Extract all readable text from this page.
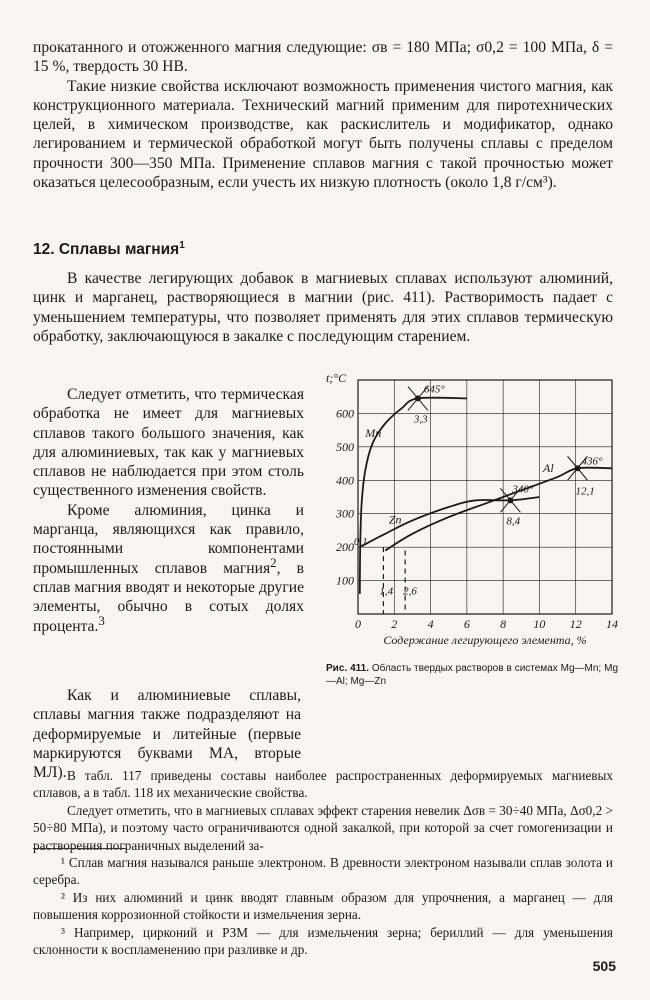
прокатанного и отожженного магния следующие: σв = 180 МПа; σ0,2 = 100 МПа, δ = 15 %, твердость 30 HB.

Такие низкие свойства исключают возможность применения чистого магния, как конструкционного материала. Технический магний применим для пиротехнических целей, в химическом производстве, как раскислитель и модификатор, однако легированием и термической обработкой могут быть получены сплавы с пределом прочности 300—350 МПа. Применение сплавов магния с такой прочностью может оказаться целесообразным, если учесть их низкую плотность (около 1,8 г/см³).

12. Сплавы магния$^1$

В качестве легирующих добавок в магниевых сплавах используют алюминий, цинк и марганец, растворяющиеся в магнии (рис. 411). Растворимость падает с уменьшением температуры, что позволяет применять для этих сплавов термическую обработку, заключающуюся в закалке с последующим старением.

Следует отметить, что термическая обработка не имеет для магниевых сплавов такого большого значения, как для алюминиевых, так как у магниевых сплавов не наблюдается при этом столь существенного изменения свойств.

Кроме алюминия, цинка и марганца, являющихся как правило, постоянными компонентами промышленных сплавов магния$^2$, в сплав магния вводят и некоторые другие элементы, обычно в сотых долях процента.$^3$

Как и алюминиевые сплавы, сплавы магния также подразделяют на деформируемые и литейные (первые маркируются буквами МА, вторые МЛ). В табл. 117 приведены составы наиболее распространенных деформируемых магниевых сплавов, а в табл. 118 их механические свойства.

Следует отметить, что в магниевых сплавах эффект старения невелик Δσв = 30÷40 МПа, Δσ0,2 > 50÷80 МПа), и поэтому часто ограничиваются одной закалкой, при которой за счет гомогенизации и растворения пограничных выделений за-

¹ Сплав магния назывался раньше электроном. В древности электроном называли сплав золота и серебра.

² Из них алюминий и цинк вводят главным образом для упрочнения, а марганец — для повышения коррозионной стойкости и измельчения зерна.

³ Например, цирконий и РЗМ — для измельчения зерна; бериллий — для уменьшения склонности к воспламенению при разливке и др.

505
0	2	4	6	8 10 12 14
100
200
300
400
500
600
t;°C
Содержание легирующего элемента, %
Mn
Zn
Al
645°
3,3
436°
12,1
340°
8,4
0,1
1,4 2,6
Рис. 411. Область твердых растворов в системах Mg—Mn; Mg—Al; Mg—Zn
